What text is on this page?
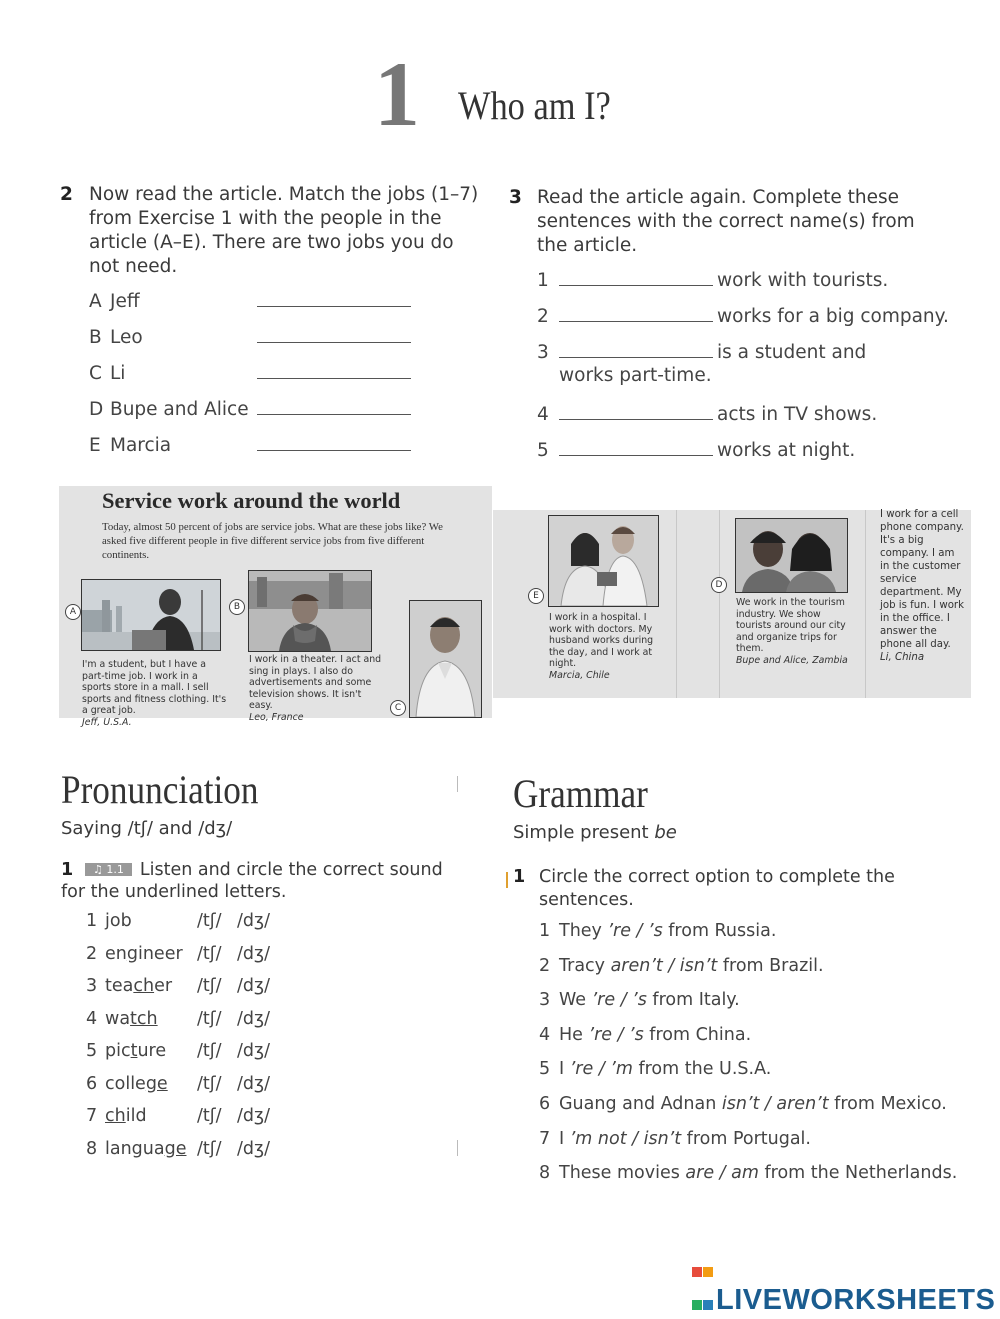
1 Who am I?
2 Now read the article. Match the jobs (1–7) from Exercise 1 with the people in the article (A–E). There are two jobs you do not need.
A Jeff
B Leo
C Li
D Bupe and Alice
E Marcia
3 Read the article again. Complete these sentences with the correct name(s) from the article.
1	work with tourists.
2	works for a big company.
3	is a student and
works part-time.
4	acts in TV shows.
5	works at night.
Service work around the world
Today, almost 50 percent of jobs are service jobs. What are these jobs like? We asked five different people in five different service jobs from five different continents.
A
I'm a student, but I have a part-time job. I work in a sports store in a mall. I sell sports and fitness clothing. It's a great job.
Jeff, U.S.A.
B
I work in a theater. I act and sing in plays. I also do advertisements and some television shows. It isn't easy.
Leo, France
C
E
I work in a hospital. I work with doctors. My husband works during the day, and I work at night.
Marcia, Chile
D
We work in the tourism industry. We show tourists around our city and organize trips for them.
Bupe and Alice, Zambia
I work for a cell phone company. It's a big company. I am in the customer service department. My job is fun. I work in the office. I answer the phone all day.
Li, China
Pronunciation
Saying /tʃ/ and /dʒ/
1 ♫ 1.1 Listen and circle the correct sound for the underlined letters.
1 job	/tʃ/ /dʒ/
2 engineer /tʃ/ /dʒ/
3 teacher /tʃ/ /dʒ/
4 watch /tʃ/ /dʒ/
5 picture /tʃ/ /dʒ/
6 college /tʃ/ /dʒ/
7 child	/tʃ/ /dʒ/
8 language /tʃ/ /dʒ/
Grammar
Simple present be
1 Circle the correct option to complete the sentences.
1 They ’re / ’s from Russia.
2 Tracy aren’t / isn’t from Brazil.
3 We ’re / ’s from Italy.
4 He ’re / ’s from China.
5 I ’re / ’m from the U.S.A.
6 Guang and Adnan isn’t / aren’t from Mexico.
7 I ’m not / isn’t from Portugal.
8 These movies are / am from the Netherlands.
LIVEWORKSHEETS
